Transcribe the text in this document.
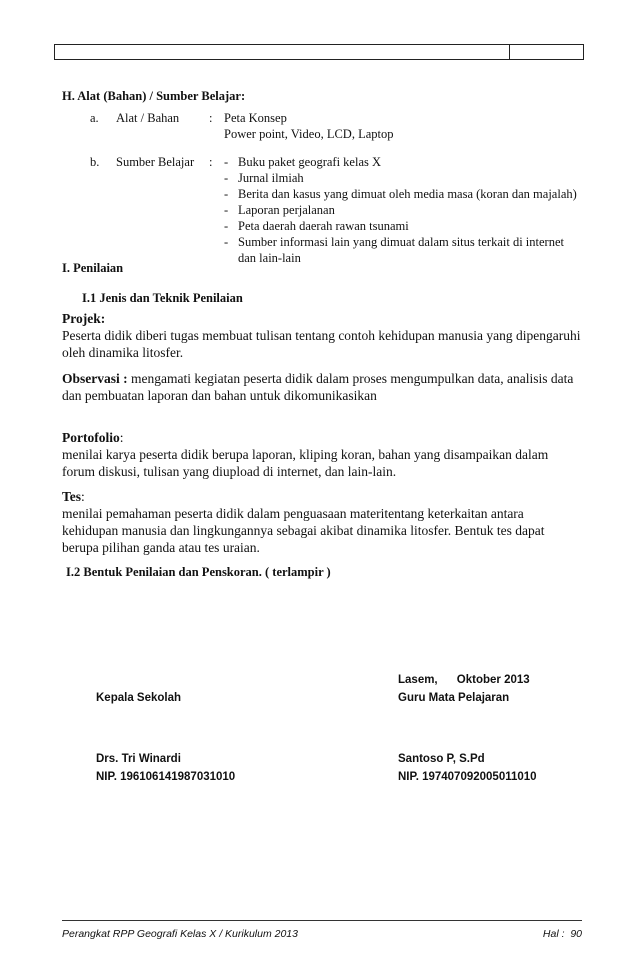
H. Alat (Bahan) / Sumber Belajar:
a. Alat / Bahan : Peta Konsep
Power point, Video, LCD, Laptop
b. Sumber Belajar : - Buku paket geografi kelas X
- Jurnal ilmiah
- Berita dan kasus yang dimuat oleh media masa (koran dan majalah)
- Laporan perjalanan
- Peta daerah daerah rawan tsunami
- Sumber informasi lain yang dimuat dalam situs terkait di internet dan lain-lain
I. Penilaian
I.1 Jenis dan Teknik Penilaian
Projek:
Peserta didik diberi tugas membuat tulisan tentang contoh kehidupan manusia yang dipengaruhi oleh dinamika litosfer.
Observasi : mengamati kegiatan peserta didik dalam proses mengumpulkan data, analisis data dan pembuatan laporan dan bahan untuk dikomunikasikan
Portofolio:
menilai karya peserta didik berupa laporan, kliping koran, bahan yang disampaikan dalam forum diskusi, tulisan yang diupload di internet, dan lain-lain.
Tes:
menilai pemahaman peserta didik dalam penguasaan materitentang keterkaitan antara kehidupan manusia dan lingkungannya sebagai akibat dinamika litosfer. Bentuk tes dapat berupa pilihan ganda atau tes uraian.
I.2 Bentuk Penilaian dan Penskoran. ( terlampir )
Lasem,      Oktober 2013
Kepala Sekolah	Guru Mata Pelajaran
Drs. Tri Winardi	Santoso P, S.Pd
NIP. 196106141987031010	NIP. 197407092005011010
Perangkat RPP Geografi Kelas X / Kurikulum 2013	Hal :  90
